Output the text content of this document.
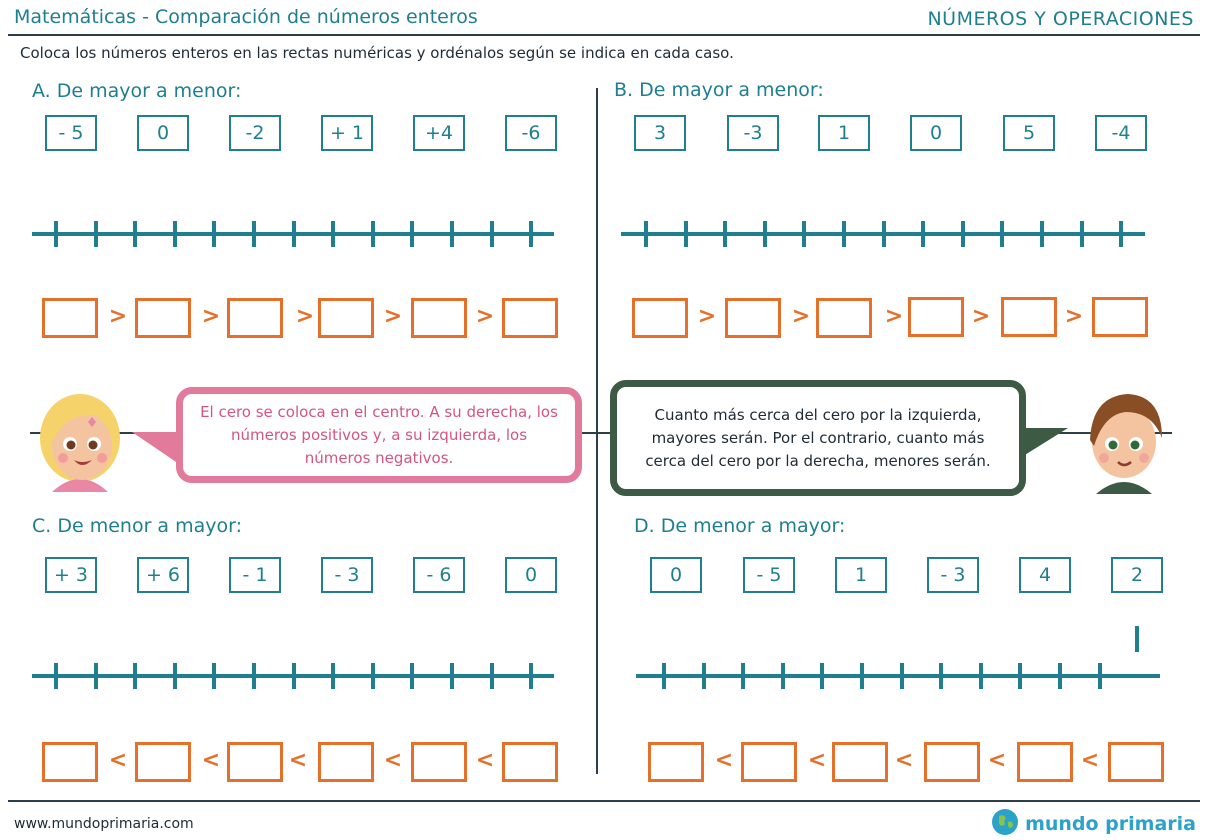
Matemáticas - Comparación de números enteros	NÚMEROS Y OPERACIONES
Coloca los números enteros en las rectas numéricas y ordénalos según se indica en cada caso.
A. De mayor a menor:
- 5	0	-2	+ 1	+4	-6
>	>	>	>	>
B. De mayor a menor:
3	-3	1	0	5	-4
>	>	>	>	>
El cero se coloca en el centro. A su derecha, los números positivos y, a su izquierda, los números negativos.
Cuanto más cerca del cero por la izquierda, mayores serán. Por el contrario, cuanto más cerca del cero por la derecha, menores serán.
C. De menor a mayor:
+ 3	+ 6	- 1	- 3	- 6	0
<	<	<	<	<
D. De menor a mayor:
0	- 5	1	- 3	4	2
<	<	<	<	<
www.mundoprimaria.com	mundo primaria
